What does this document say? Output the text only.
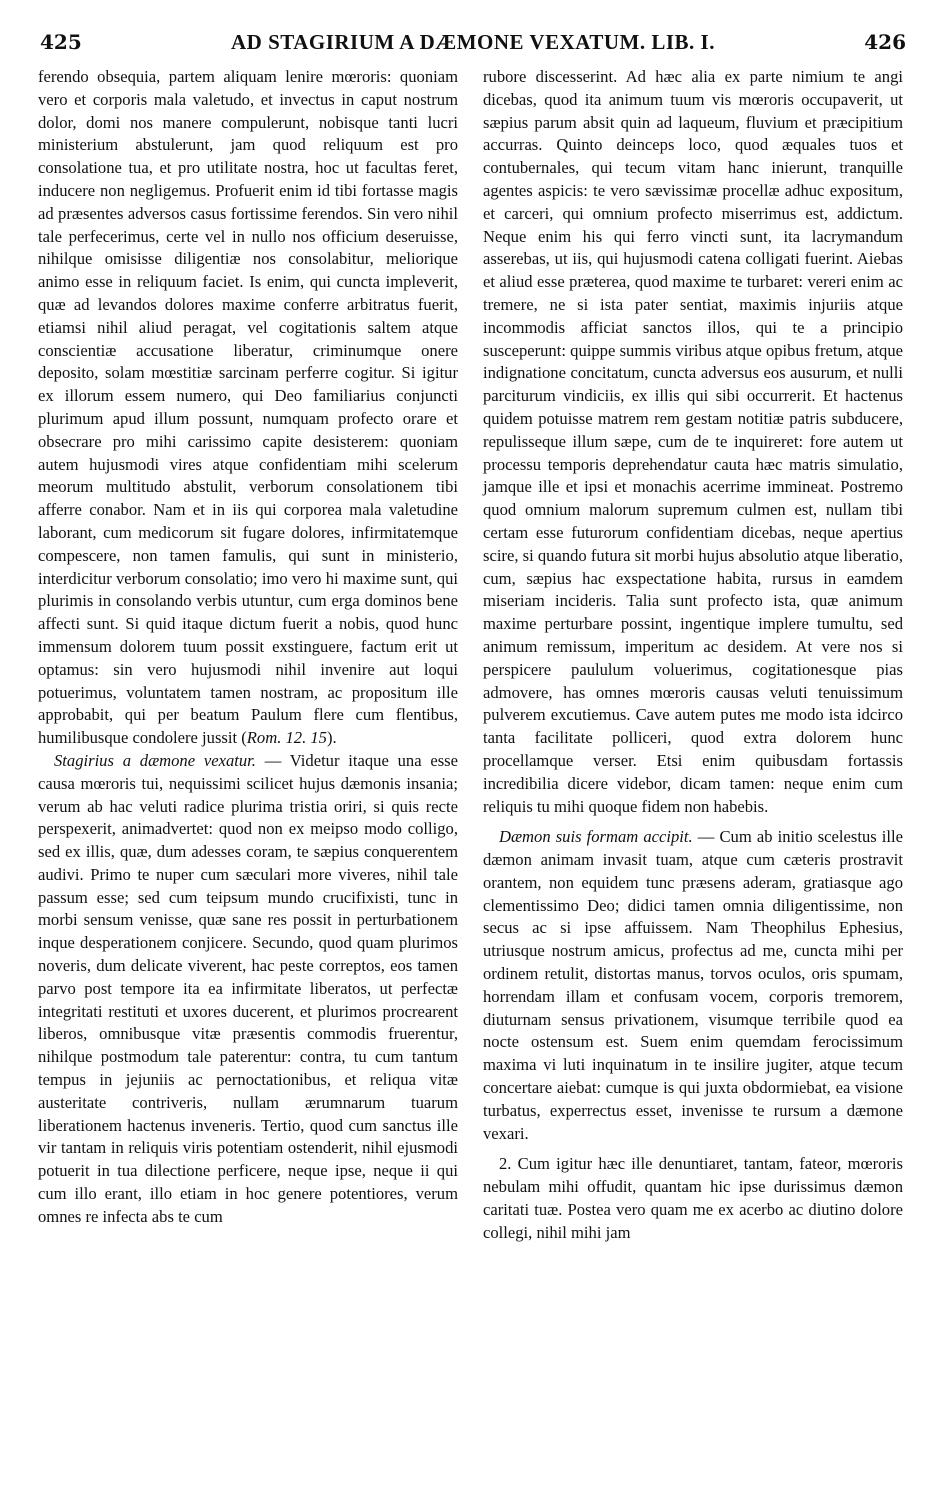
425	AD STAGIRIUM A DÆMONE VEXATUM. LIB. I.	426

ferendo obsequia, partem aliquam lenire mœroris: quoniam vero et corporis mala valetudo, et invectus in caput nostrum dolor, domi nos manere compulerunt, nobisque tanti lucri ministerium abstulerunt, jam quod reliquum est pro consolatione tua, et pro utilitate nostra, hoc ut facultas feret, inducere non negligemus. Profuerit enim id tibi fortasse magis ad præsentes adversos casus fortissime ferendos. Sin vero nihil tale perfecerimus, certe vel in nullo nos officium deseruisse, nihilque omisisse diligentiæ nos consolabitur, meliorique animo esse in reliquum faciet. Is enim, qui cuncta impleverit, quæ ad levandos dolores maxime conferre arbitratus fuerit, etiamsi nihil aliud peragat, vel cogitationis saltem atque conscientiæ accusatione liberatur, criminumque onere deposito, solam mœstitiæ sarcinam perferre cogitur. Si igitur ex illorum essem numero, qui Deo familiarius conjuncti plurimum apud illum possunt, numquam profecto orare et obsecrare pro mihi carissimo capite desisterem: quoniam autem hujusmodi vires atque confidentiam mihi scelerum meorum multitudo abstulit, verborum consolationem tibi afferre conabor. Nam et in iis qui corporea mala valetudine laborant, cum medicorum sit fugare dolores, infirmitatemque compescere, non tamen famulis, qui sunt in ministerio, interdicitur verborum consolatio; imo vero hi maxime sunt, qui plurimis in consolando verbis utuntur, cum erga dominos bene affecti sunt. Si quid itaque dictum fuerit a nobis, quod hunc immensum dolorem tuum possit exstinguere, factum erit ut optamus: sin vero hujusmodi nihil invenire aut loqui potuerimus, voluntatem tamen nostram, ac propositum ille approbabit, qui per beatum Paulum flere cum flentibus, humilibusque condolere jussit (Rom. 12. 15).

Stagirius a dæmone vexatur. — Videtur itaque una esse causa mœroris tui, nequissimi scilicet hujus dæmonis insania; verum ab hac veluti radice plurima tristia oriri, si quis recte perspexerit, animadvertet: quod non ex meipso modo colligo, sed ex illis, quæ, dum adesses coram, te sæpius conquerentem audivi. Primo te nuper cum sæculari more viveres, nihil tale passum esse; sed cum teipsum mundo crucifixisti, tunc in morbi sensum venisse, quæ sane res possit in perturbationem inque desperationem conjicere. Secundo, quod quam plurimos noveris, dum delicate viverent, hac peste correptos, eos tamen parvo post tempore ita ea infirmitate liberatos, ut perfectæ integritati restituti et uxores ducerent, et plurimos procrearent liberos, omnibusque vitæ præsentis commodis fruerentur, nihilque postmodum tale paterentur: contra, tu cum tantum tempus in jejuniis ac pernoctationibus, et reliqua vitæ austeritate contriveris, nullam ærumnarum tuarum liberationem hactenus inveneris. Tertio, quod cum sanctus ille vir tantam in reliquis viris potentiam ostenderit, nihil ejusmodi potuerit in tua dilectione perficere, neque ipse, neque ii qui cum illo erant, illo etiam in hoc genere potentiores, verum omnes re infecta abs te cum

rubore discesserint. Ad hæc alia ex parte nimium te angi dicebas, quod ita animum tuum vis mœroris occupaverit, ut sæpius parum absit quin ad laqueum, fluvium et præcipitium accurras. Quinto deinceps loco, quod æquales tuos et contubernales, qui tecum vitam hanc inierunt, tranquille agentes aspicis: te vero sævissimæ procellæ adhuc expositum, et carceri, qui omnium profecto miserrimus est, addictum. Neque enim his qui ferro vincti sunt, ita lacrymandum asserebas, ut iis, qui hujusmodi catena colligati fuerint. Aiebas et aliud esse præterea, quod maxime te turbaret: vereri enim ac tremere, ne si ista pater sentiat, maximis injuriis atque incommodis afficiat sanctos illos, qui te a principio susceperunt: quippe summis viribus atque opibus fretum, atque indignatione concitatum, cuncta adversus eos ausurum, et nulli parciturum vindiciis, ex illis qui sibi occurrerit. Et hactenus quidem potuisse matrem rem gestam notitiæ patris subducere, repulisseque illum sæpe, cum de te inquireret: fore autem ut processu temporis deprehendatur cauta hæc matris simulatio, jamque ille et ipsi et monachis acerrime immineat. Postremo quod omnium malorum supremum culmen est, nullam tibi certam esse futurorum confidentiam dicebas, neque apertius scire, si quando futura sit morbi hujus absolutio atque liberatio, cum, sæpius hac exspectatione habita, rursus in eamdem miseriam incideris. Talia sunt profecto ista, quæ animum maxime perturbare possint, ingentique implere tumultu, sed animum remissum, imperitum ac desidem. At vere nos si perspicere paululum voluerimus, cogitationesque pias admovere, has omnes mœroris causas veluti tenuissimum pulverem excutiemus. Cave autem putes me modo ista idcirco tanta facilitate polliceri, quod extra dolorem hunc procellamque verser. Etsi enim quibusdam fortassis incredibilia dicere videbor, dicam tamen: neque enim cum reliquis tu mihi quoque fidem non habebis.

Dæmon suis formam accipit. — Cum ab initio scelestus ille dæmon animam invasit tuam, atque cum cæteris prostravit orantem, non equidem tunc præsens aderam, gratiasque ago clementissimo Deo; didici tamen omnia diligentissime, non secus ac si ipse affuissem. Nam Theophilus Ephesius, utriusque nostrum amicus, profectus ad me, cuncta mihi per ordinem retulit, distortas manus, torvos oculos, oris spumam, horrendam illam et confusam vocem, corporis tremorem, diuturnam sensus privationem, visumque terribile quod ea nocte ostensum est. Suem enim quemdam ferocissimum maxima vi luti inquinatum in te insilire jugiter, atque tecum concertare aiebat: cumque is qui juxta obdormiebat, ea visione turbatus, experrectus esset, invenisse te rursum a dæmone vexari.

2. Cum igitur hæc ille denuntiaret, tantam, fateor, mœroris nebulam mihi offudit, quantam hic ipse durissimus dæmon caritati tuæ. Postea vero quam me ex acerbo ac diutino dolore collegi, nihil mihi jam
